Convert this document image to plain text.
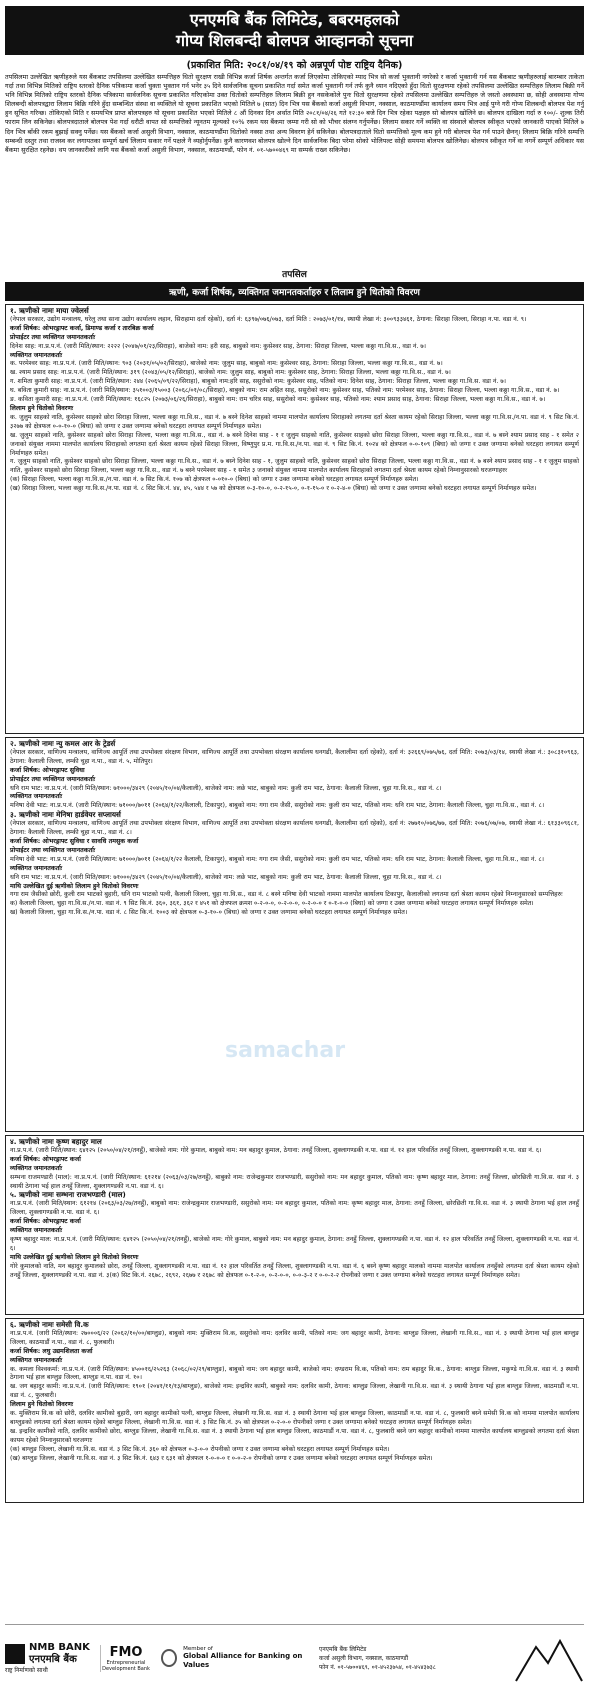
एनएमबि बैंक लिमिटेड, बबरमहलको
गोप्य शिलबन्दी बोलपत्र आव्हानको सूचना
(प्रकाशित मिति: २०८१/०४/१९ को अन्नपूर्ण पोष्ट राष्ट्रिय दैनिक)
तपसिलमा उल्लेखित ऋणीहरुले यस बैंकबाट तपसिलमा उल्लेखित सम्पत्तिहरु धितो सुरक्षण राखी विभिन्न कर्जा शिर्षक अन्तर्गत कर्जा लिएकोमा तोकिएको म्याद भित्र सो कर्जा भुक्तानी नगरेको र कर्जा भुक्तानी गर्न यस बैंकबाट ऋणीहरुलाई बारम्बार ताकेता गर्दा तथा विभिन्न मितिको राष्ट्रिय स्तरको दैनिक पत्रिकामा कर्जा चुक्ता भुक्तान गर्न भनेर ३५ दिने सार्वजनिक सूचना प्रकाशित गर्दा समेत कर्जा भुक्तानी गर्न तर्फ कुनै ध्यान नदिएको हुँदा धितो सुरक्षणमा रहेको तपसिलमा उल्लेखित सम्पत्तिहरु लिलाम बिक्री गर्ने भनि विभिन्न मितिको राष्ट्रिय स्तरको दैनिक पत्रिकामा सार्वजनिक सूचना प्रकाशित गरिएकोमा उक्त धितोको सम्पत्तिहरु लिलाम बिक्री हुन नसकेकोले पुनः धितो सुरक्षणमा रहेको तपसिलमा उल्लेखित सम्पत्तिहरु जे जस्तो अवस्थामा छ, सोही अवस्थामा गोप्य शिलबन्दी बोलपत्रद्वारा लिलाम बिक्रि गरिने हुँदा सम्बन्धित संस्था वा व्यक्तिले यो सूचना प्रकाशित भएको मितिले ७ (सात) दिन भित्र यस बैंकको कर्जा असुली विभाग, नक्साल, काठमाण्डौंमा कार्यालय समय भित्र आई पुग्ने गरी गोप्य शिलबन्दी बोलपत्र पेश गर्नु हुन सूचित गरिन्छ। तोकिएको मिति र समयभित्र प्राप्त बोलपत्रहरु यो सूचना प्रकाशित भएको मितिले ८ औं दिनका दिन अर्थात मिति २०८१/०४/२६ गते १२:३० बजे दिन भित्र रहेका पक्षहरु सो बोलपत्र खोलिने छ। बोलपत्र दाखिला गर्दा रु १००/- शुल्क तिरी फाराम लिन सकिनेछ। बोलपत्रदाताले बोलपत्र पेश गर्दा धरौटी वापत सो सम्पत्तिको न्यूनतम मूल्यको १०% रकम यस बैंकमा जम्मा गरी सो को भौचर संलग्न गर्नुपर्नेछ। लिलाम सकार गर्ने व्यक्ति वा संस्थाले बोलपत्र स्वीकृत भएको जानकारी पाएको मितिले ७ दिन भित्र बाँकी रकम बुझाई सक्नु पर्नेछ। यस बैंकको कर्जा असुली विभाग, नक्साल, काठमाण्डौंमा धितोको नक्सा तथा अन्य विवरण हेर्न सकिनेछ। बोलपत्रदाताले धितो सम्पत्तिको मूल्य कम हुने गरी बोलपत्र पेश गर्न पाउने छैनन्। लिलाम बिक्रि गरिने सम्पत्ति सम्बन्धी दस्तुर तथा राजस्व कर लगायतका सम्पूर्ण खर्च लिलाम सकार गर्ने पक्षले नै व्यहोर्नुपर्नेछ। कुनै कारणवश बोलपत्र खोल्ने दिन सार्वजनिक बिदा परेमा सोको भोलिपल्ट सोही समयमा बोलपत्र खोलिनेछ। बोलपत्र स्वीकृत गर्ने वा नगर्ने सम्पूर्ण अधिकार यस बैंकमा सुरक्षित रहनेछ। थप जानकारीको लागि यस बैंकको कर्जा असुली विभाग, नक्साल, काठमाण्डौं, फोन नं. ०१-५७००४६९ मा सम्पर्क राख्न सकिनेछ।
तपसिल
ऋणी, कर्जा शिर्षक, व्यक्तिगत जमानतकर्ताहरु र लिलाम हुने धितोको विवरण

१. ऋणीको नामः माया ज्वेलर्स

(नेपाल सरकार, उद्योग मन्त्रालय, घरेलु तथा साना उद्योग कार्यालय लहान, सिराहामा दर्ता रहेको), दर्ता नं: ६३९७/०७६/०७३, दर्ता मिति : २०७३/०१/१४, स्थायी लेखा नं: ३००९३३४६१, ठेगाना: सिराहा जिल्ला, सिराहा न.पा. वडा नं. ९।

कर्जा शिर्षक: ओभरड्राफ्ट कर्जा, डिमाण्ड कर्जा र तारबिक्र कर्जा

प्रोपाईटर तथा व्यक्तिगत जमानतकर्ताः

दिनेश साह: ना.प्र.प.नं. (जारी मिति/स्थान: २२२२ (२०४७/०१/२३/सिराहा), बाजेको नाम: हरी साह, बाबुको नाम: कुसेश्वर साह, ठेगाना: सिराहा जिल्ला, भल्ला कठ्ठा गा.वि.स., वडा नं. ७।

व्यक्तिगत जमानतकर्ताः

क. परमेश्वर साह: ना.प्र.प.नं. (जारी मिति/स्थान: ९०३ (२०३१/०५/०२/सिराहा), बाजेको नाम: जुलुम साह, बाबुको नाम: कुसेश्वर साह, ठेगाना: सिराहा जिल्ला, भल्ला कठ्ठा गा.वि.स., वडा नं. ७।

ख. श्याम प्रसाद साह: ना.प्र.प.नं. (जारी मिति/स्थान: ३१९ (२०४३/०५/१२/सिराहा), बाजेको नाम: जुलुम साह, बाबुको नाम: कुसेश्वर साह, ठेगाना: सिराहा जिल्ला, भल्ला कठ्ठा गा.वि.स., वडा नं. ७।

ग. शमिता कुमारी साह: ना.प्र.प.नं. (जारी मिति/स्थान: २४४ (२०६५/०९/२२/सिराहा), बाबुको नाम:हरि साह, ससुरोको नाम: कुसेश्वर साह, पतिको नाम: दिनेश साह, ठेगाना: सिराहा जिल्ला, भल्ला कठ्ठा गा.वि.स. वडा नं. ७।

घ. बविता कुमारी साह: ना.प्र.प.नं. (जारी मिति/स्थान: ३५१००३/१५००३ (२०६८/०१/०८/सिराहा), बाबुको नाम: राम अहित साह, ससुरोको नाम: कुसेश्वर साह, पतिको नाम: परमेश्वर साह, ठेगाना: सिराहा जिल्ला, भल्ला कठ्ठा गा.वि.स., वडा नं. ७।

ङ. कविता कुमारी साह: ना.प्र.प.नं. (जारी मिति/स्थान: १६८२५ (२०७३/०६/२६/सिराहा), बाबुको नाम: राम चरित्र साह, ससुरोको नाम: कुसेश्वर साह, पतिको नाम: श्याम प्रसाद साह, ठेगाना: सिराहा जिल्ला, भल्ला कठ्ठा गा.वि.स., वडा नं. ७।

लिलाम हुने धितोको विवरणः

क. जुलुम साहको नाति, कुसेश्वर साहको छोरा सिराहा जिल्ला, भल्ला कठ्ठा गा.वि.स., वडा नं. ७ बस्ने दिनेश साहको नाममा मालपोत कार्यालय सिराहाको लगतमा दर्ता श्रेस्ता कायम रहेको सिराहा जिल्ला, भल्ला कठ्ठा गा.वि.स./न.पा. वडा नं. ९ सिट कि.नं. ३२७७ को क्षेत्रफल ०-०-१०-० (बिघा) को जग्गा र उक्त जग्गामा बनेको घरटहरा लगायत सम्पूर्ण निर्माणहरु समेत।

ख. जुलुम साहको नाति, कुसेश्वर साहको छोरा सिराहा जिल्ला, भल्ला कठ्ठा गा.वि.स., वडा नं. ७ बस्ने दिनेश साह - १ र जुलुम साहको नाति, कुसेश्वर साहको छोरा सिराहा जिल्ला, भल्ला कठ्ठा गा.वि.स., वडा नं. ७ बस्ने श्याम प्रसाद साह - १ समेत २ जनाको संयुक्त नाममा मालपोत कार्यालय सिराहाको लगतमा दर्ता श्रेस्ता कायम रहेको सिराहा जिल्ला, विष्णुपुर प्र.म. गा.वि.स./न.पा. वडा नं. ९ सिट कि.नं. १०२४ को क्षेत्रफल ०-०-१०९ (बिघा) को जग्गा र उक्त जग्गामा बनेको घरटहरा लगायत सम्पूर्ण निर्माणहरु समेत।

ग. जुलुम साहको नाति, कुसेश्वर साहको छोरा सिराहा जिल्ला, भल्ला कठ्ठा गा.वि.स., वडा नं. ७ बस्ने दिनेश साह - १, जुलुम साहको नाति, कुसेश्वर साहको छोरा सिराहा जिल्ला, भल्ला कठ्ठा गा.वि.स., वडा नं. ७ बस्ने श्याम प्रसाद साह - १ र जुलुम साहको नाति, कुसेश्वर साहको छोरा सिराहा जिल्ला, भल्ला कठ्ठा गा.वि.स., वडा नं. ७ बस्ने परमेश्वर साह - १ समेत ३ जनाको संयुक्त नाममा मालपोत कार्यालय सिराहाको लगतमा दर्ता श्रेस्ता कायम रहेको निम्नानुसारको घरजग्गाहरुः

(क) सिराहा जिल्ला, भल्ला कठ्ठा गा.वि.स./न.पा. वडा नं. ७ सिट कि.नं. १०७ को क्षेत्रफल ०-०१०-० (बिघा) को जग्गा र उक्त जग्गामा बनेको घरटहरा लगायत सम्पूर्ण निर्माणहरु समेत।

(ख) सिराहा जिल्ला, भल्ला कठ्ठा गा.वि.स./न.पा. वडा नं. ८ सिट कि.नं. ४४, ४५, ५४४ र ५७ को क्षेत्रफल ०-३-१०-०, ०-२-१५-०, ०-१-१५-० र ०-२-४-० (बिघा) को जग्गा र उक्त जग्गामा बनेको घरटहरा लगायत सम्पूर्ण निर्माणहरु समेत।

२. ऋणीको नामः न्यु कमल आर के ट्रेडर्स

(नेपाल सरकार, वाणिज्य मन्त्रालय, वाणिज्य आपूर्ति तथा उपभोक्ता संरक्षण विभाग, वाणिज्य आपूर्ति तथा उपभोक्ता संरक्षण कार्यालय धनगढी, कैलालीमा दर्ता रहेको), दर्ता नं: ३२६६९/०७५/७६, दर्ता मिति: २०७३/०३/१४, स्थायी लेखा नं.: ३०८३१०९६३, ठेगाना: कैलाली जिल्ला, लम्की चुहा न.पा., वडा नं. ५, मोतिपुर।

कर्जा शिर्षक: ओभरड्राफ्ट सुविधा

प्रोपाईटर तथा व्यक्तिगत जमानतकर्ताः

धनि राम भाट: ना.प्र.प.नं. (जारी मिति/स्थान: ७१०००/३४२९ (२०४५/१०/०४/कैलाली), बाजेको नाम: लछे भाट, बाबुको नाम: कुली राम भाट, ठेगाना: कैलाली जिल्ला, चुहा गा.वि.स., वडा नं. ८।

व्यक्तिगत जमानतकर्ताः

मनिषा देवी भाट: ना.प्र.प.नं. (जारी मिति/स्थान: ७१०००/७०११ (२०६४/१/२२/कैलाली, टिकापुर), बाबुको नाम: गगा राम जैसी, ससुरोको नाम: कुली राम भाट, पतिको नाम: धनि राम भाट, ठेगाना: कैलाली जिल्ला, चुहा गा.वि.स., वडा नं. ८।

३. ऋणीको नामः मेनिषा हार्डवेयर सप्लायर्स

(नेपाल सरकार, वाणिज्य मन्त्रालय, वाणिज्य आपूर्ति तथा उपभोक्ता संरक्षण विभाग, वाणिज्य आपूर्ति तथा उपभोक्ता संरक्षण कार्यालय धनगढी, कैलालीमा दर्ता रहेको), दर्ता नं: २७७१०/०७६/७७, दर्ता मिति: २०७६/०७/०७, स्थायी लेखा नं.: ६१३३०९६८१, ठेगाना: कैलाली जिल्ला, लम्की चुहा न.पा., वडा नं. ८।

कर्जा शिर्षक: ओभरड्राफ्ट सुविधा र सावधि तमसुक कर्जा

प्रोपाईटर तथा व्यक्तिगत जमानतकर्ताः

मनिषा देवी भाट: ना.प्र.प.नं. (जारी मिति/स्थान: ७१०००/७०११ (२०६४/१/२२ कैलाली, टिकापुर), बाबुको नाम: गगा राम जैसी, ससुरोको नाम: कुली राम भाट, पतिको नाम: धनि राम भाट, ठेगाना: कैलाली जिल्ला, चुहा गा.वि.स., वडा नं. ८।

व्यक्तिगत जमानतकर्ताः

धनि राम भाट: ना.प्र.प.नं. (जारी मिति/स्थान: ७१०००/३४२९ (२०४५/१०/०४/कैलाली), बाजेको नाम: लछे भाट, बाबुको नाम: कुली राम भाट, ठेगाना: कैलाली जिल्ला, चुहा गा.वि.स., वडा नं. ८।

माथि उल्लेखित दुई ऋणीको लिलाम हुने धितोको विवरणः

गगा राम जैसीको छोरी, कुली राम भाटको बुहारी, धनि राम भाटको पत्नी, कैलाली जिल्ला, चुहा गा.वि.स., वडा नं. ८ बस्ने मनिषा देवी भाटको नाममा मालपोत कार्यालय टिकापुर, कैलालीको लगतमा दर्ता श्रेस्ता कायम रहेको निम्नानुसारको सम्पत्तिहरुः

क) कैलाली जिल्ला, चुहा गा.वि.स./न.पा. वडा नं. ९ सिट कि.नं. ३६०, ३६१, ३६२ र ४५१ को क्षेत्रफल क्रमश ०-२-०-०, ०-२-०-०, ०-२-०-० र ०-१-०-० (बिघा) को जग्गा र उक्त जग्गामा बनेको घरटहरा लगायत सम्पूर्ण निर्माणहरु समेत।

ख) कैलाली जिल्ला, चुहा गा.वि.स./न.पा. वडा नं. ८ सिट कि.नं. १००३ को क्षेत्रफल ०-३-१०-० (बिघा) को जग्गा र उक्त जग्गामा बनेको घरटहरा लगायत सम्पूर्ण निर्माणहरु समेत।

४. ऋणीको नामः कृष्ण बहादुर माल

ना.प्र.प.नं. (जारी मिति/स्थान: ६४१२५ (२०५०/०४/२१/तनहुँ), बाजेको नाम: गोरे कुमाल, बाबुको नाम: मन बहादुर कुमाल, ठेगाना: तनहुँ जिल्ला, शुक्लागण्डकी न.पा. वडा नं. १२ हाल परिवर्तित तनहुँ जिल्ला, शुक्लागण्डकी न.पा. वडा नं. ६।

कर्जा शिर्षक: ओभरड्राफ्ट कर्जा

व्यक्तिगत जमानतकर्ताः

सम्भना राजमण्डारी (माल): ना.प्र.प.नं. (जारी मिति/स्थान: ६१२१४ (२०६३/०३/२७/तनहुँ), बाबुको नाम: राजेन्द्रकुमार राजभण्डारी, ससुरोको नाम: मन बहादुर कुमाल, पतिको नाम: कृष्ण बहादुर माल, ठेगाना: तनहुँ जिल्ला, छोरछिती गा.वि.स. वडा नं. ३ स्थायी ठेगाना भई हाल तनहुँ जिल्ला, शुक्लागण्डकी न.पा. वडा नं. ६।

५. ऋणीको नामः सम्भना राजभण्डारी (माल)

ना.प्र.प.नं. (जारी मिति/स्थान: ६१२१४ (२०६३/०३/२७/तनहुँ), बाबुको नाम: राजेन्द्रकुमार राजभण्डारी, ससुरोको नाम: मन बहादुर कुमाल, पतिको नाम: कृष्ण बहादुर माल, ठेगाना: तनहुँ जिल्ला, छोरछिती गा.वि.स. वडा नं. ३ स्थायी ठेगाना भई हाल तनहुँ जिल्ला, शुक्लागण्डकी न.पा. वडा नं. ६।

कर्जा शिर्षक: ओभरड्राफ्ट कर्जा

व्यक्तिगत जमानतकर्ताः

कृष्ण बहादुर माल: ना.प्र.प.नं. (जारी मिति/स्थान: ६४१२५ (२०५०/०४/२१/तनहुँ), बाजेको नाम: गोरे कुमाल, बाबुको नाम: मन बहादुर कुमाल, ठेगाना: तनहुँ जिल्ला, शुक्लागण्डकी न.पा. वडा नं. १२ हाल परिवर्तित तनहुँ जिल्ला, शुक्लागण्डकी न.पा. वडा नं. ६।

माथि उल्लेखित दुई ऋणीको लिलाम हुने धितोको विवरणः

गोरे कुमालको नाति, मन बहादुर कुमालको छोरा, तनहुँ जिल्ला, शुक्लागण्डकी न.पा. वडा नं. १२ हाल परिवर्तित तनहुँ जिल्ला, शुक्लागण्डकी न.पा. वडा नं. ६ बस्ने कृष्ण बहादुर मालको नाममा मालपोत कार्यालय तनहुँको लगतमा दर्ता श्रेस्ता कायम रहेको तनहुँ जिल्ला, शुक्लागण्डकी न.पा. वडा नं. ३(क) सिट कि.नं. २६७८, २६९२, २६७७ र २६७८ को क्षेत्रफल ०-१-२-०, ०-२-०-०, ०-०-३-२ र ०-०-२-२ रोपनीको जग्गा र उक्त जग्गामा बनेको घरटहरा लगायत सम्पूर्ण निर्माणहरु समेत।

६. ऋणीको नामः समेसी वि.क

ना.प्र.प.नं. (जारी मिति/स्थान: २७०००६/२२ (२०६२/१०/००/बाग्लुङ), बाबुको नाम: मुक्तिराम वि.क, ससुरोको नाम: दलविर कामी, पतिको नाम: जग बहादुर कामी, ठेगाना: बाग्लुङ जिल्ला, लेखानी गा.वि.स., वडा नं. ३ स्थायी ठेगाना भई हाल बाग्लुङ जिल्ला, काठमाडौं न.पा., वडा नं. ८, फुलबारी।

कर्जा शिर्षक: लघु उद्यमशिलता कर्जा

व्यक्तिगत जमानतकर्ताः

क. कमला विश्वकर्मा: ना.प्र.प.नं. (जारी मिति/स्थान: ४५००१६/२५२६३ (२०६८/०२/२९/बाग्लुङ), बाबुको नाम: जग बहादुर कामी, बाजेको नाम: दण्डराम वि.क, पतिको नाम: राम बहादुर वि.क., ठेगाना: बाग्लुङ जिल्ला, मकुण्डे गा.वि.स. वडा नं. ३ स्थायी ठेगाना भई हाल बाग्लुङ जिल्ला, बाग्लुङ न.पा. वडा नं. १०।

ख. जग बहादुर कामी: ना.प्र.प.नं. (जारी मिति/स्थान: १९०१ (२०४१/११/१३/बाग्लुङ), बाजेको नाम: इन्द्रविर कामी, बाबुको नाम: दलविर कामी, ठेगाना: बाग्लुङ जिल्ला, लेखानी गा.वि.स. वडा नं. ३ स्थायी ठेगाना भई हाल बाग्लुङ जिल्ला, काठमाडौं न.पा. वडा नं. ८, फुलबारी।

लिलाम हुने धितोको विवरणः

क. मुक्तिराम वि.क को छोरी, दलविर कामीको बुहारी, जग बहादुर कामीको पत्नी, बाग्लुङ जिल्ला, लेखानी गा.वि.स. वडा नं. ३ स्थायी ठेगाना भई हाल बाग्लुङ जिल्ला, काठमाडौं न.पा. वडा नं. ८, फुलबारी बस्ने समेसी वि.क को नाममा मालपोत कार्यालय बाग्लुङको लगतमा दर्ता श्रेस्ता कायम रहेको बाग्लुङ जिल्ला, लेखानी गा.वि.स. वडा नं. ३ सिट कि.नं. ३५ को क्षेत्रफल ०-२-०-० रोपनीको जग्गा र उक्त जग्गामा बनेको घरटहरा लगायत सम्पूर्ण निर्माणहरु समेत।

ख. इन्द्रविर कामीको नाति, दलविर कामीको छोरा, बाग्लुङ जिल्ला, लेखानी गा.वि.स. वडा नं. ३ स्थायी ठेगाना भई हाल बाग्लुङ जिल्ला, काठमाडौं न.पा. वडा नं. ८, फुलबारी बस्ने जग बहादुर कामीको नाममा मालपोत कार्यालय बाग्लुङको लगतमा दर्ता श्रेस्ता कायम रहेको निम्नानुसारको घरजग्गाः

(क) बाग्लुङ जिल्ला, लेखानी गा.वि.स. वडा नं. ३ सिट कि.नं. ३६० को क्षेत्रफल ०-३-०-० रोपनीको जग्गा र उक्त जग्गामा बनेको घरटहरा लगायत सम्पूर्ण निर्माणहरु समेत।

(ख) बाग्लुङ जिल्ला, लेखानी गा.वि.स. वडा नं. ३ सिट कि.नं. ६४३ र ६३१ को क्षेत्रफल १-०-०-० र ०-०-२-० रोपनीको जग्गा र उक्त जग्गामा बनेको घरटहरा लगायत सम्पूर्ण निर्माणहरु समेत।

samachar
NMB BANK
एनएमबि बैंक
राष्ट्र निर्माणको साथी
FMO
Entrepreneurial Development Bank
Member of
Global Alliance for Banking on Values
एनएमबि बैंक लिमिटेड
कर्जा असुली विभाग, नक्साल, काठमाण्डौं
फोन नं. ०१-५७००४६९, ०१-४५२३७५४, ०१-४५४३७३८
